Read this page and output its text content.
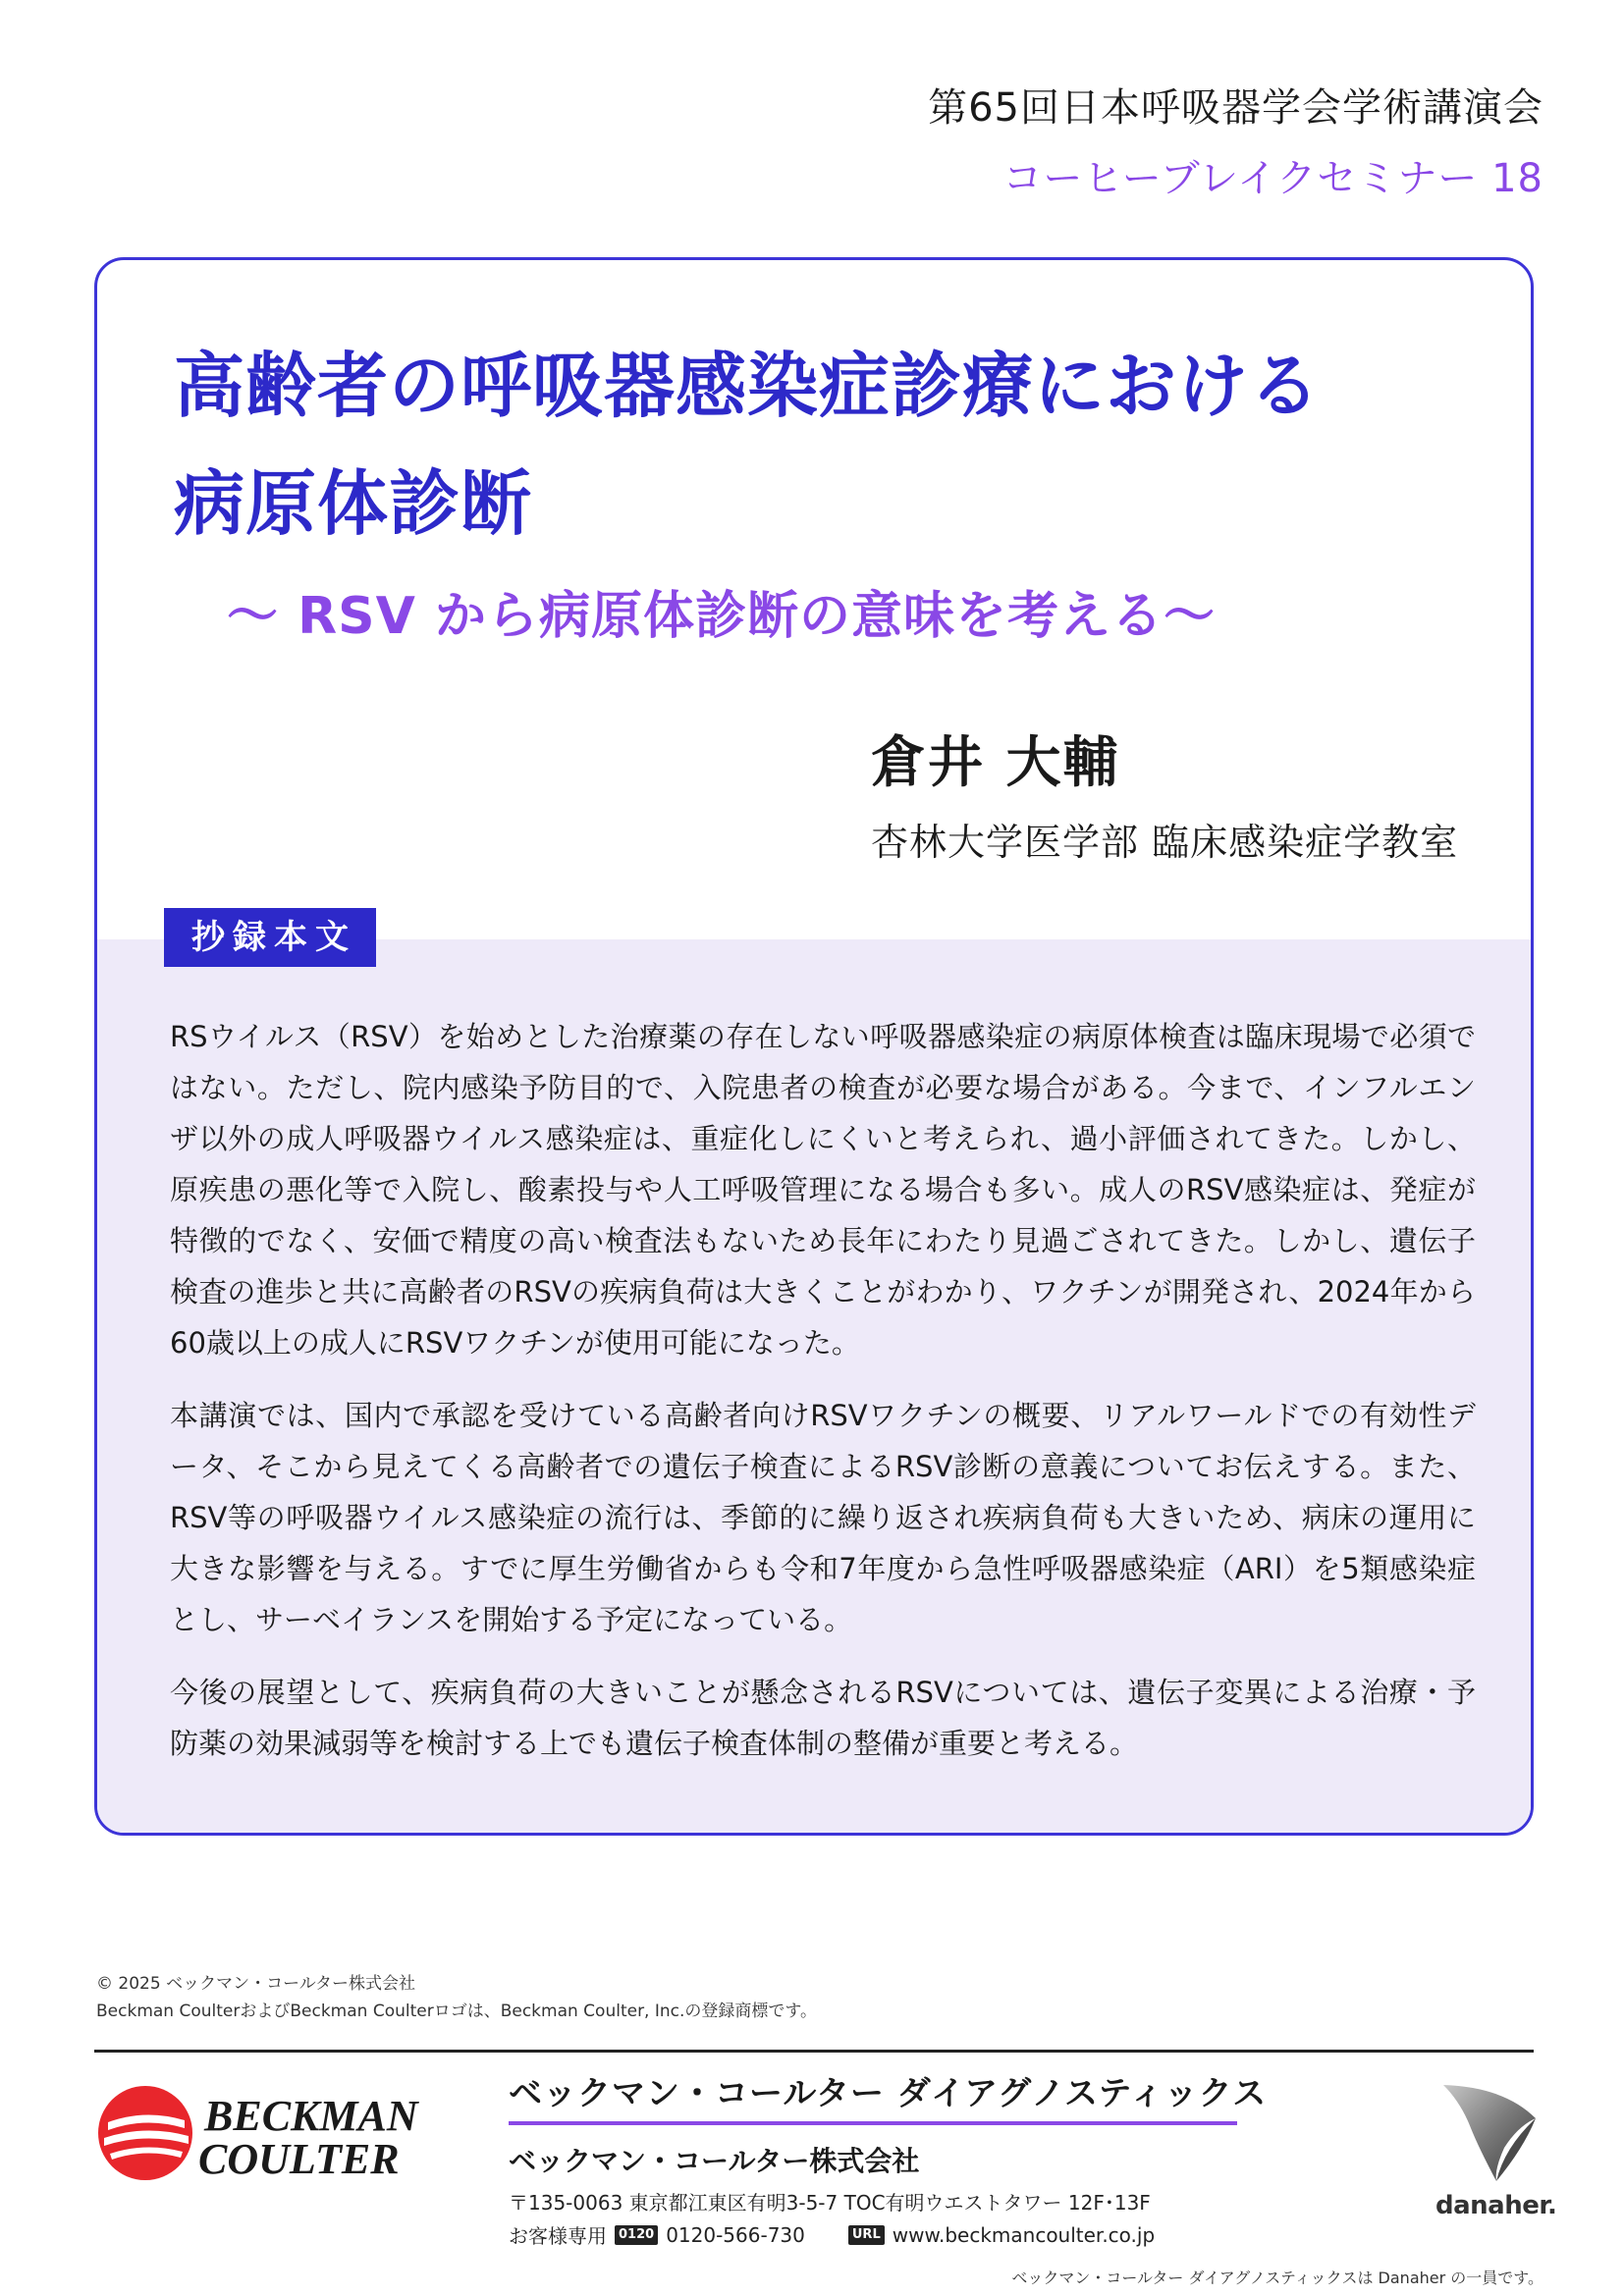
第65回日本呼吸器学会学術講演会
コーヒーブレイクセミナー 18
高齢者の呼吸器感染症診療における
病原体診断
～ RSV から病原体診断の意味を考える～
倉井 大輔
杏林大学医学部 臨床感染症学教室
抄録本文

RSウイルス（RSV）を始めとした治療薬の存在しない呼吸器感染症の病原体検査は臨床現場で必須ではない。ただし、院内感染予防目的で、入院患者の検査が必要な場合がある。今まで、インフルエンザ以外の成人呼吸器ウイルス感染症は、重症化しにくいと考えられ、過小評価されてきた。しかし、原疾患の悪化等で入院し、酸素投与や人工呼吸管理になる場合も多い。成人のRSV感染症は、発症が特徴的でなく、安価で精度の高い検査法もないため長年にわたり見過ごされてきた。しかし、遺伝子検査の進歩と共に高齢者のRSVの疾病負荷は大きくことがわかり、ワクチンが開発され、2024年から60歳以上の成人にRSVワクチンが使用可能になった。

本講演では、国内で承認を受けている高齢者向けRSVワクチンの概要、リアルワールドでの有効性データ、そこから見えてくる高齢者での遺伝子検査によるRSV診断の意義についてお伝えする。また、RSV等の呼吸器ウイルス感染症の流行は、季節的に繰り返され疾病負荷も大きいため、病床の運用に大きな影響を与える。すでに厚生労働省からも令和7年度から急性呼吸器感染症（ARI）を5類感染症とし、サーベイランスを開始する予定になっている。

今後の展望として、疾病負荷の大きいことが懸念されるRSVについては、遺伝子変異による治療・予防薬の効果減弱等を検討する上でも遺伝子検査体制の整備が重要と考える。

© 2025 ベックマン・コールター株式会社
Beckman CoulterおよびBeckman Coulterロゴは、Beckman Coulter, Inc.の登録商標です。
BECKMAN
COULTER
ベックマン・コールター ダイアグノスティックス
ベックマン・コールター株式会社
〒135-0063 東京都江東区有明3-5-7 TOC有明ウエストタワー 12F･13F
お客様専用 0120 0120-566-730	URL www.beckmancoulter.co.jp
danaher.
ベックマン・コールター ダイアグノスティックスは Danaher の一員です。
